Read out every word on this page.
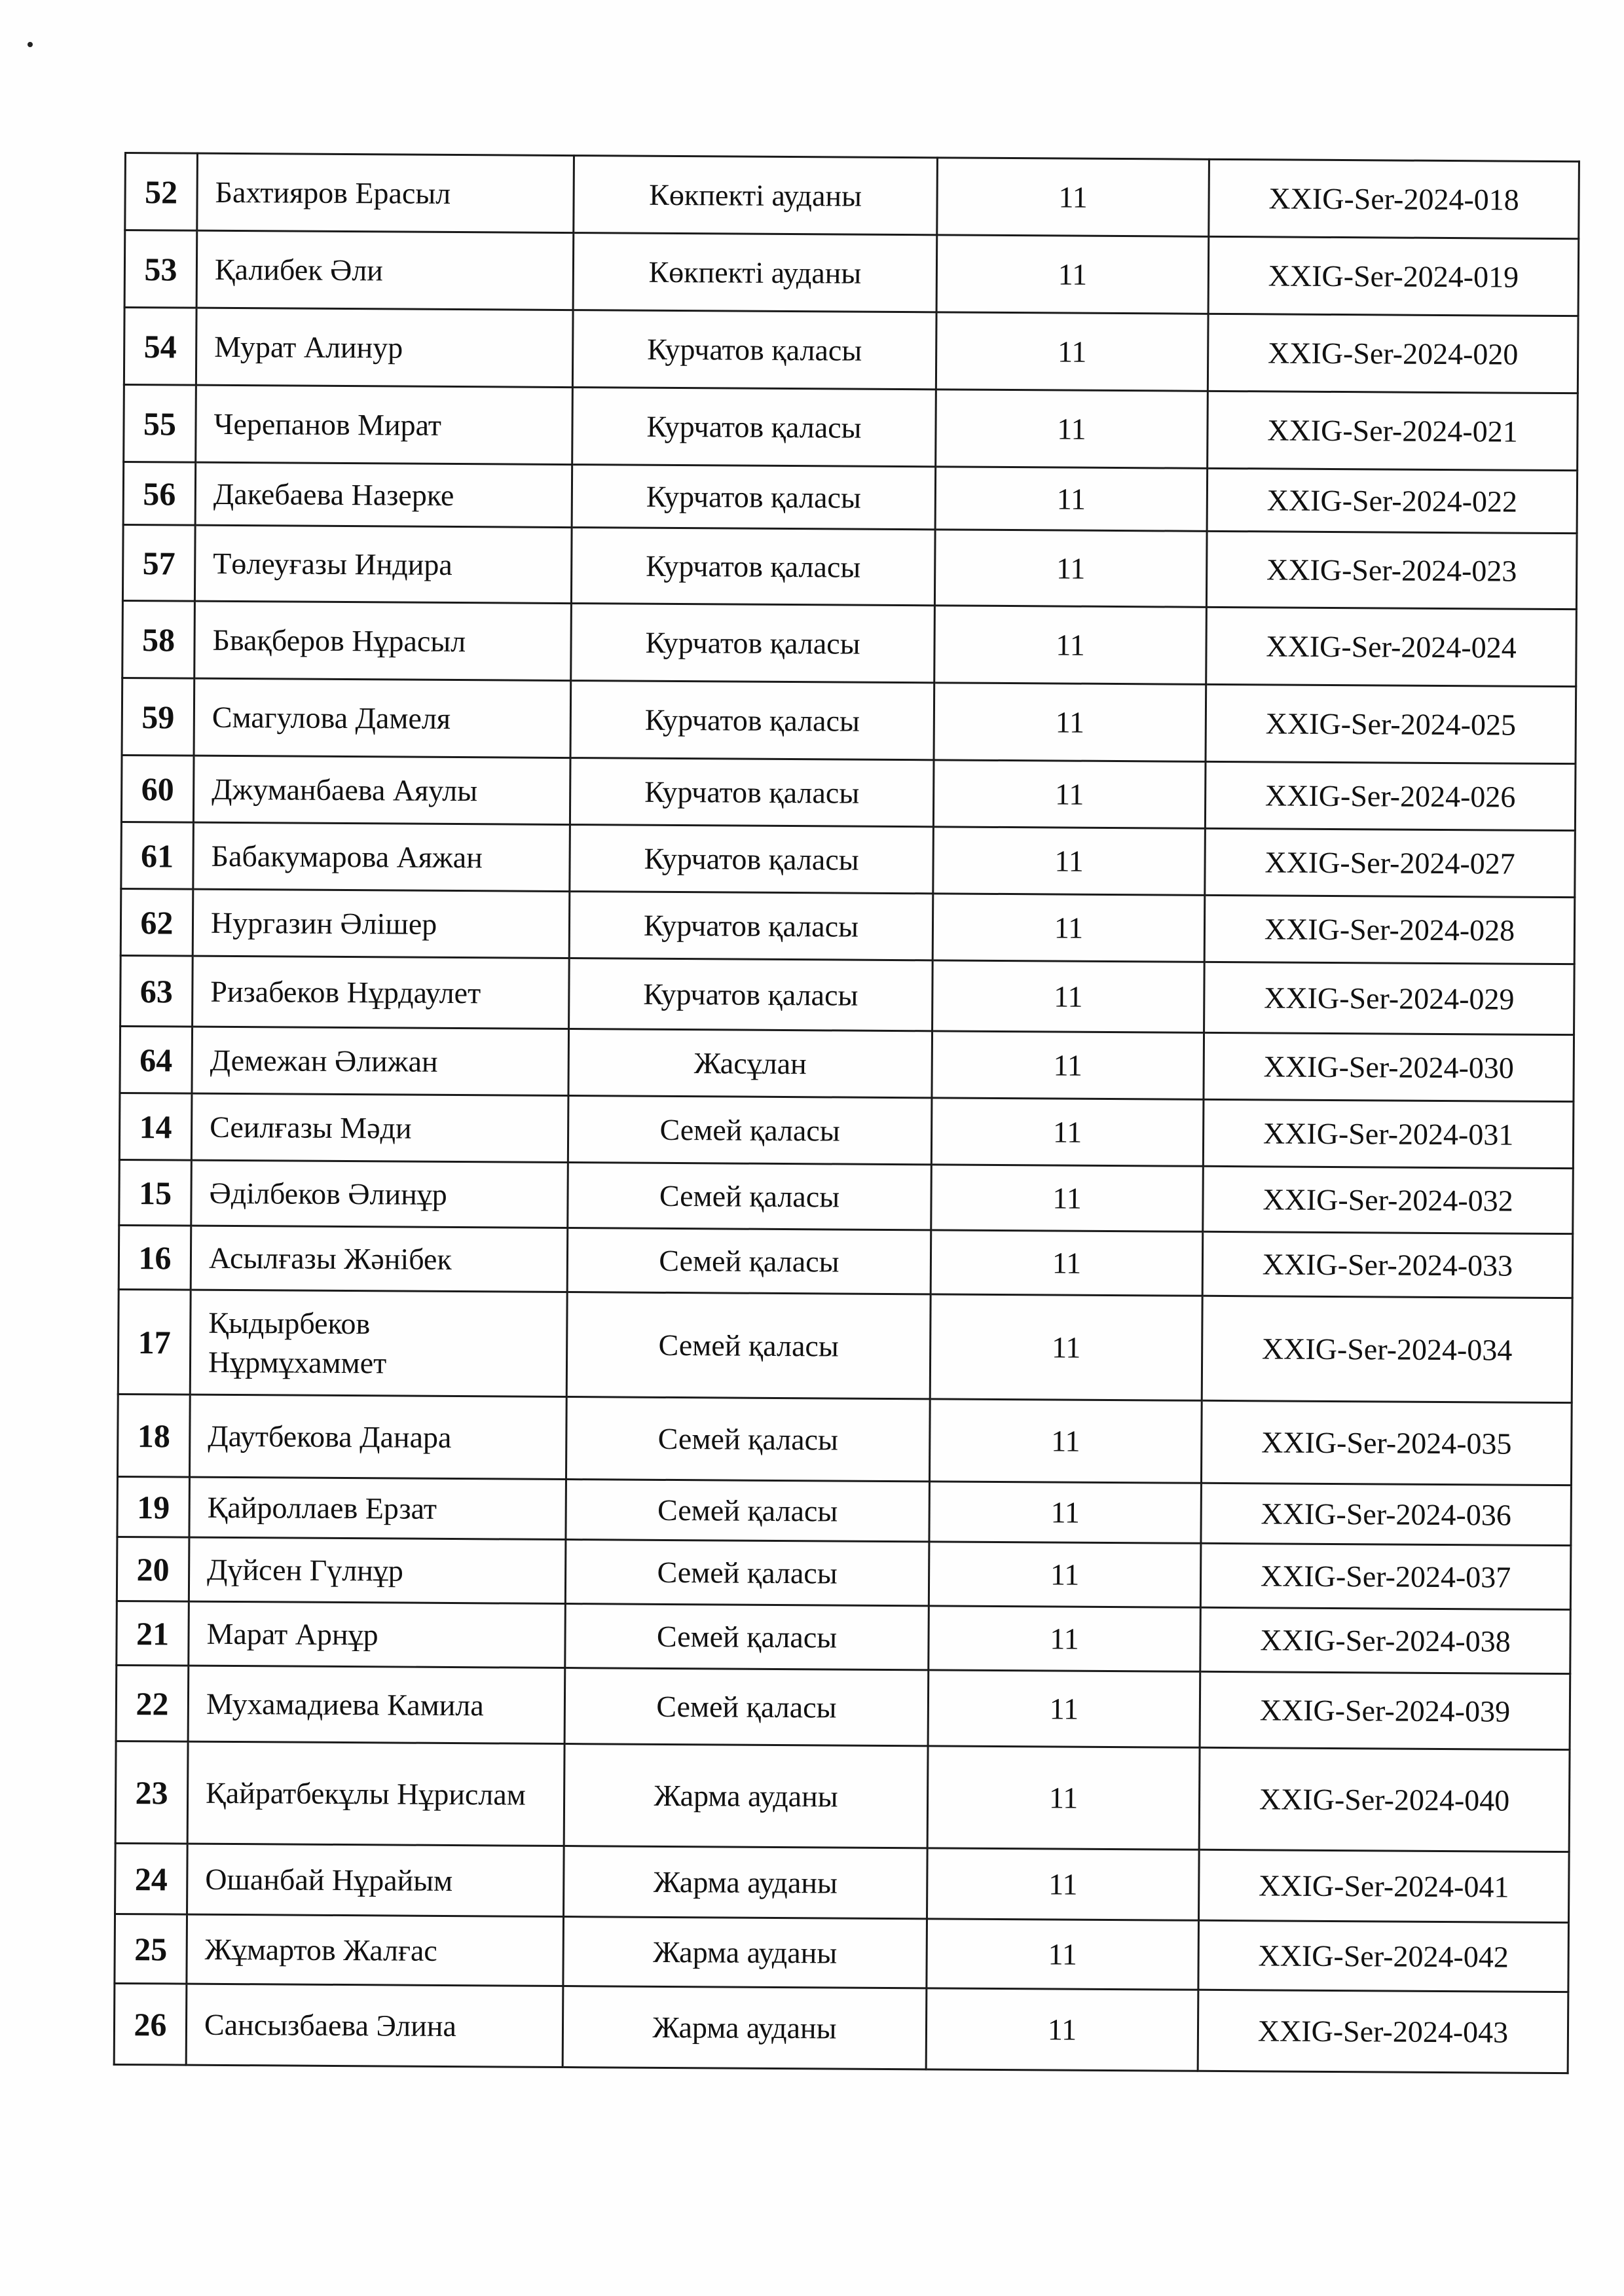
52	Бахтияров Ерасыл	Көкпекті ауданы	11	XXIG-Ser-2024-018
53	Қалибек Әли	Көкпекті ауданы	11	XXIG-Ser-2024-019
54	Мурат Алинур	Курчатов қаласы	11	XXIG-Ser-2024-020
55	Черепанов Мират	Курчатов қаласы	11	XXIG-Ser-2024-021
56	Дакебаева Назерке	Курчатов қаласы	11	XXIG-Ser-2024-022
57	Төлеуғазы Индира	Курчатов қаласы	11	XXIG-Ser-2024-023
58	Бвақберов Нұрасыл	Курчатов қаласы	11	XXIG-Ser-2024-024
59	Смагулова Дамеля	Курчатов қаласы	11	XXIG-Ser-2024-025
60	Джуманбаева Аяулы	Курчатов қаласы	11	XXIG-Ser-2024-026
61	Бабакумарова Аяжан	Курчатов қаласы	11	XXIG-Ser-2024-027
62	Нургазин Әлішер	Курчатов қаласы	11	XXIG-Ser-2024-028
63	Ризабеков Нұрдаулет	Курчатов қаласы	11	XXIG-Ser-2024-029
64	Демежан Әлижан	Жасұлан	11	XXIG-Ser-2024-030
14	Сеилғазы Мәди	Семей қаласы	11	XXIG-Ser-2024-031
15	Әділбеков Әлинұр	Семей қаласы	11	XXIG-Ser-2024-032
16	Асылғазы Жәнібек	Семей қаласы	11	XXIG-Ser-2024-033
17	Қыдырбеков Нұрмұхаммет	Семей қаласы	11	XXIG-Ser-2024-034
18	Даутбекова Данара	Семей қаласы	11	XXIG-Ser-2024-035
19	Қайроллаев Ерзат	Семей қаласы	11	XXIG-Ser-2024-036
20	Дүйсен Гүлнұр	Семей қаласы	11	XXIG-Ser-2024-037
21	Марат Арнұр	Семей қаласы	11	XXIG-Ser-2024-038
22	Мухамадиева Камила	Семей қаласы	11	XXIG-Ser-2024-039
23	Қайратбекұлы Нұрислам	Жарма ауданы	11	XXIG-Ser-2024-040
24	Ошанбай Нұрайым	Жарма ауданы	11	XXIG-Ser-2024-041
25	Жұмартов Жалғас	Жарма ауданы	11	XXIG-Ser-2024-042
26	Сансызбаева Элина	Жарма ауданы	11	XXIG-Ser-2024-043
